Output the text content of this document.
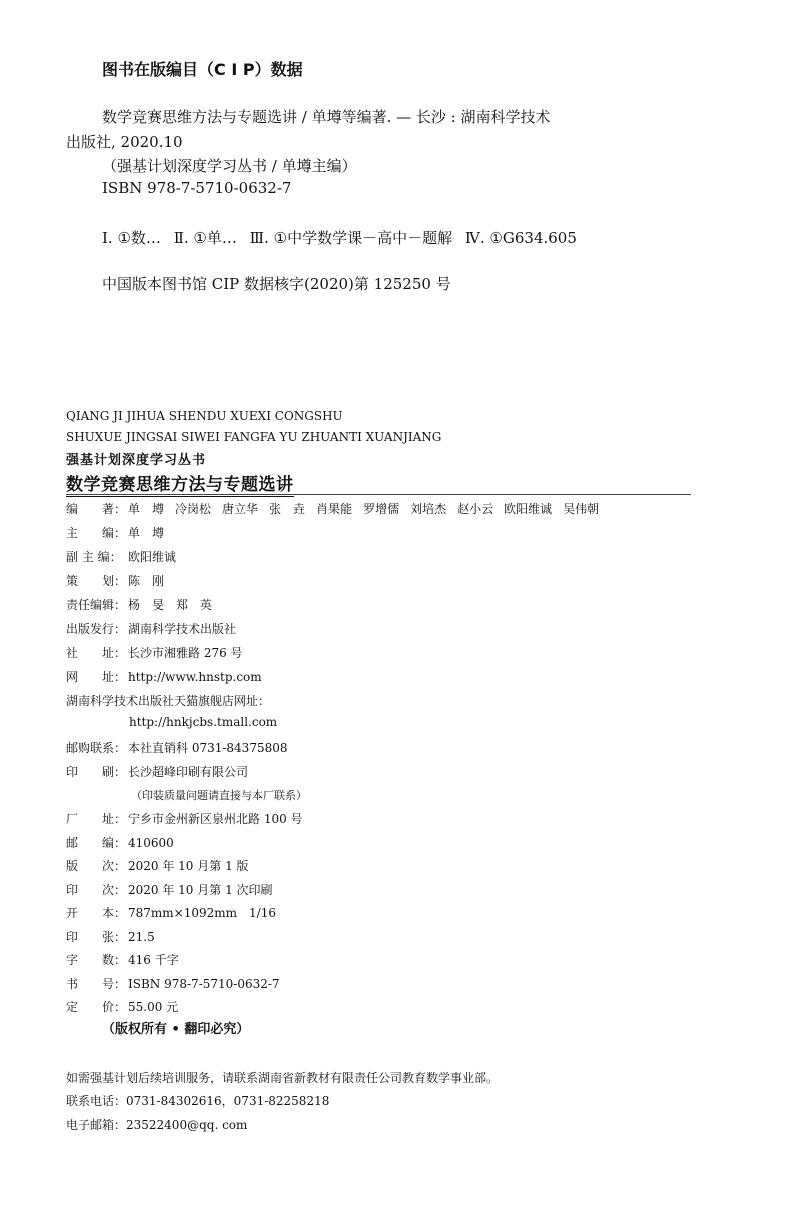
图书在版编目（C I P）数据
数学竞赛思维方法与专题选讲 / 单墫等编著. — 长沙 : 湖南科学技术
出版社, 2020.10
（强基计划深度学习丛书 / 单墫主编）
ISBN 978-7-5710-0632-7
Ⅰ. ①数… Ⅱ. ①单… Ⅲ. ①中学数学课－高中－题解 Ⅳ. ①G634.605
中国版本图书馆 CIP 数据核字(2020)第 125250 号
QIANG JI JIHUA SHENDU XUEXI CONGSHU
SHUXUE JINGSAI SIWEI FANGFA YU ZHUANTI XUANJIANG
强基计划深度学习丛书
数学竞赛思维方法与专题选讲
编　　著： 单　墫 冷岗松 唐立华 张　垚 肖果能 罗增儒 刘培杰 赵小云 欧阳维诚 吴伟朝
主　　编： 单　墫
副 主 编： 欧阳维诚
策　　划： 陈　刚
责任编辑： 杨　旻　郑　英
出版发行： 湖南科学技术出版社
社　　址： 长沙市湘雅路 276 号
网　　址： http://www.hnstp.com
湖南科学技术出版社天猫旗舰店网址：
http://hnkjcbs.tmall.com
邮购联系： 本社直销科 0731-84375808
印　　刷： 长沙超峰印刷有限公司
（印装质量问题请直接与本厂联系）
厂　　址： 宁乡市金州新区泉州北路 100 号
邮　　编： 410600
版　　次： 2020 年 10 月第 1 版
印　　次： 2020 年 10 月第 1 次印刷
开　　本： 787mm×1092mm　1/16
印　　张： 21.5
字　　数： 416 千字
书　　号： ISBN 978-7-5710-0632-7
定　　价： 55.00 元
（版权所有 • 翻印必究）
如需强基计划后续培训服务，请联系湖南省新教材有限责任公司教育数学事业部。
联系电话：0731-84302616，0731-82258218
电子邮箱：23522400@qq. com
